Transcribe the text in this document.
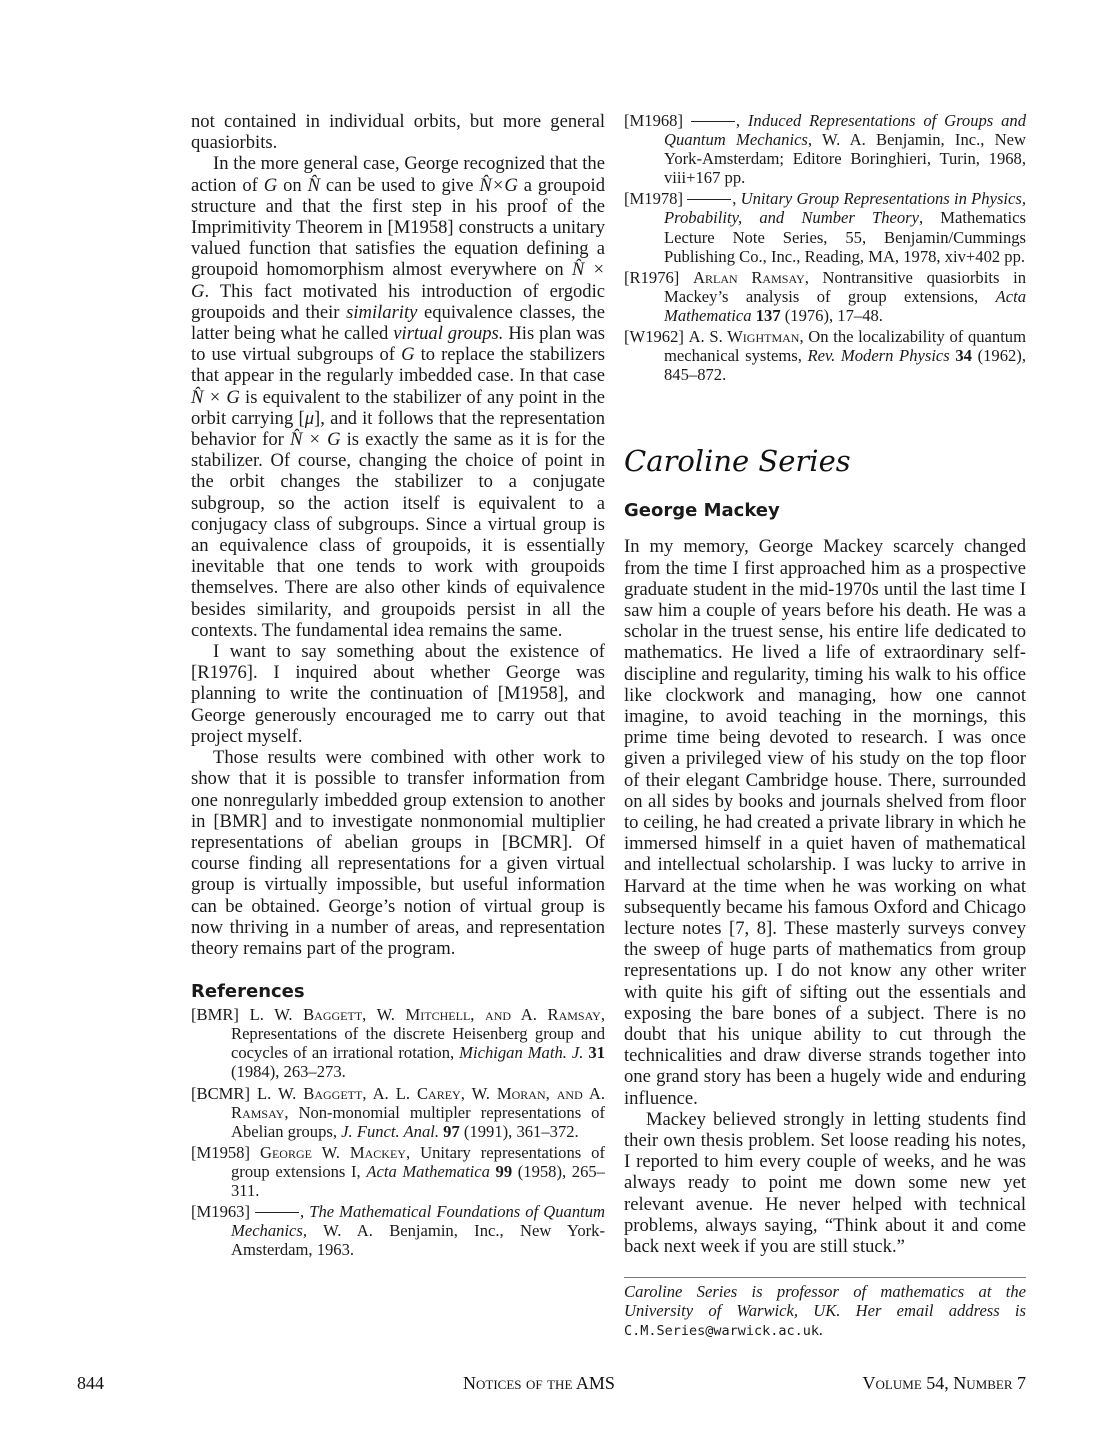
not contained in individual orbits, but more general quasiorbits.

In the more general case, George recognized that the action of G on N̂ can be used to give N̂×G a groupoid structure and that the first step in his proof of the Imprimitivity Theorem in [M1958] constructs a unitary valued function that satisfies the equation defining a groupoid homomorphism almost everywhere on N̂ × G. This fact motivated his introduction of ergodic groupoids and their similarity equivalence classes, the latter being what he called virtual groups. His plan was to use virtual subgroups of G to replace the stabilizers that appear in the regularly imbedded case. In that case N̂ × G is equivalent to the stabilizer of any point in the orbit carrying [μ], and it follows that the representation behavior for N̂ × G is exactly the same as it is for the stabilizer. Of course, changing the choice of point in the orbit changes the stabilizer to a conjugate subgroup, so the action itself is equivalent to a conjugacy class of subgroups. Since a virtual group is an equivalence class of groupoids, it is essentially inevitable that one tends to work with groupoids themselves. There are also other kinds of equivalence besides similarity, and groupoids persist in all the contexts. The fundamental idea remains the same.

I want to say something about the existence of [R1976]. I inquired about whether George was planning to write the continuation of [M1958], and George generously encouraged me to carry out that project myself.

Those results were combined with other work to show that it is possible to transfer information from one nonregularly imbedded group extension to another in [BMR] and to investigate nonmonomial multiplier representations of abelian groups in [BCMR]. Of course finding all representations for a given virtual group is virtually impossible, but useful information can be obtained. George’s notion of virtual group is now thriving in a number of areas, and representation theory remains part of the program.

References
[BMR] L. W. Baggett, W. Mitchell, and A. Ramsay, Representations of the discrete Heisenberg group and cocycles of an irrational rotation, Michigan Math. J. 31 (1984), 263–273.
[BCMR] L. W. Baggett, A. L. Carey, W. Moran, and A. Ramsay, Non-monomial multipler representations of Abelian groups, J. Funct. Anal. 97 (1991), 361–372.
[M1958] George W. Mackey, Unitary representations of group extensions I, Acta Mathematica 99 (1958), 265–311.
[M1963]	, The Mathematical Foundations of Quantum Mechanics, W. A. Benjamin, Inc., New York-Amsterdam, 1963.
[M1968]	, Induced Representations of Groups and Quantum Mechanics, W. A. Benjamin, Inc., New York-Amsterdam; Editore Boringhieri, Turin, 1968, viii+167 pp.
[M1978]	, Unitary Group Representations in Physics, Probability, and Number Theory, Mathematics Lecture Note Series, 55, Benjamin/Cummings Publishing Co., Inc., Reading, MA, 1978, xiv+402 pp.
[R1976] Arlan Ramsay, Nontransitive quasiorbits in Mackey’s analysis of group extensions, Acta Mathematica 137 (1976), 17–48.
[W1962] A. S. Wightman, On the localizability of quantum mechanical systems, Rev. Modern Physics 34 (1962), 845–872.
Caroline Series
George Mackey

In my memory, George Mackey scarcely changed from the time I first approached him as a prospective graduate student in the mid-1970s until the last time I saw him a couple of years before his death. He was a scholar in the truest sense, his entire life dedicated to mathematics. He lived a life of extraordinary self-discipline and regularity, timing his walk to his office like clockwork and managing, how one cannot imagine, to avoid teaching in the mornings, this prime time being devoted to research. I was once given a privileged view of his study on the top floor of their elegant Cambridge house. There, surrounded on all sides by books and journals shelved from floor to ceiling, he had created a private library in which he immersed himself in a quiet haven of mathematical and intellectual scholarship. I was lucky to arrive in Harvard at the time when he was working on what subsequently became his famous Oxford and Chicago lecture notes [7, 8]. These masterly surveys convey the sweep of huge parts of mathematics from group representations up. I do not know any other writer with quite his gift of sifting out the essentials and exposing the bare bones of a subject. There is no doubt that his unique ability to cut through the technicalities and draw diverse strands together into one grand story has been a hugely wide and enduring influence.

Mackey believed strongly in letting students find their own thesis problem. Set loose reading his notes, I reported to him every couple of weeks, and he was always ready to point me down some new yet relevant avenue. He never helped with technical problems, always saying, “Think about it and come back next week if you are still stuck.”

Caroline Series is professor of mathematics at the University of Warwick, UK. Her email address is C.M.Series@warwick.ac.uk.

844	Notices of the AMS	Volume 54, Number 7
